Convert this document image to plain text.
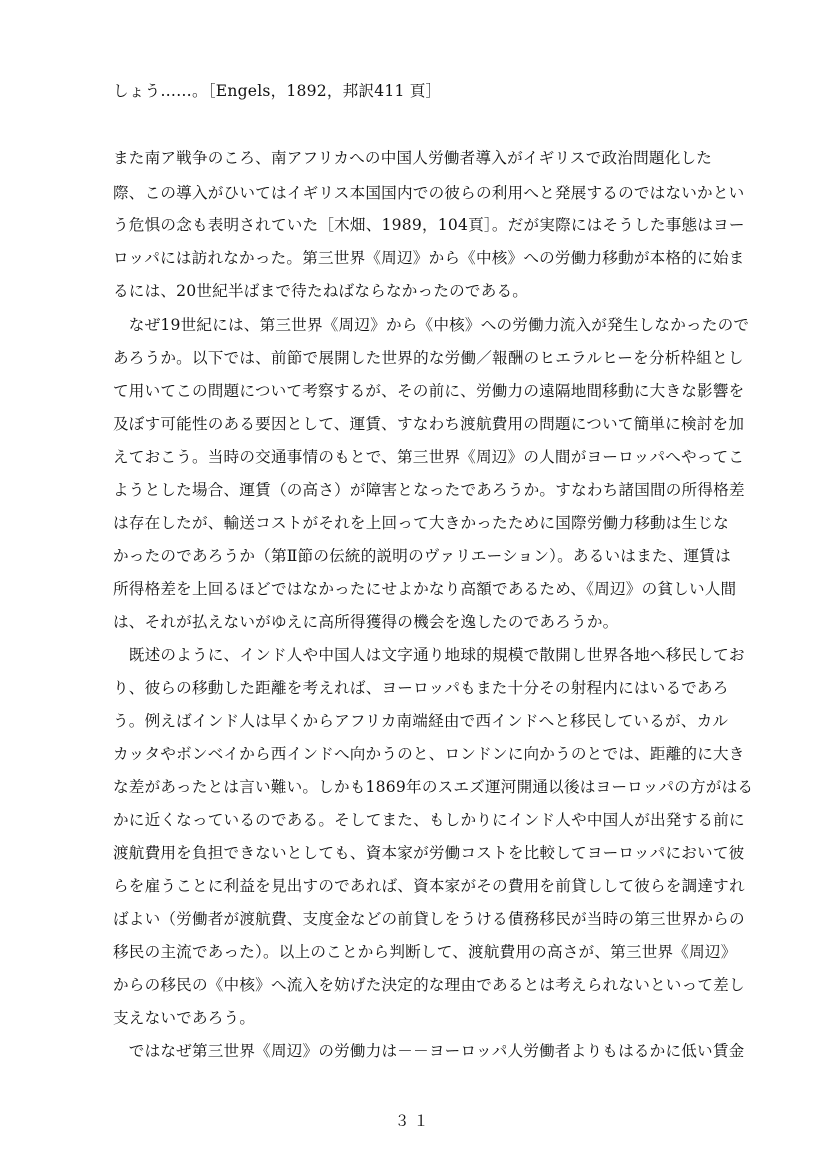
しょう……。［Engels，1892，邦訳411 頁］
また南ア戦争のころ、南アフリカへの中国人労働者導入がイギリスで政治問題化した
際、この導入がひいてはイギリス本国国内での彼らの利用へと発展するのではないかとい
う危惧の念も表明されていた［木畑、1989，104頁］。だが実際にはそうした事態はヨー
ロッパには訪れなかった。第三世界《周辺》から《中核》への労働力移動が本格的に始ま
るには、20世紀半ばまで待たねばならなかったのである。
　なぜ19世紀には、第三世界《周辺》から《中核》への労働力流入が発生しなかったので
あろうか。以下では、前節で展開した世界的な労働／報酬のヒエラルヒーを分析枠組とし
て用いてこの問題について考察するが、その前に、労働力の遠隔地間移動に大きな影響を
及ぼす可能性のある要因として、運賃、すなわち渡航費用の問題について簡単に検討を加
えておこう。当時の交通事情のもとで、第三世界《周辺》の人間がヨーロッパへやってこ
ようとした場合、運賃（の高さ）が障害となったであろうか。すなわち諸国間の所得格差
は存在したが、輸送コストがそれを上回って大きかったために国際労働力移動は生じな
かったのであろうか（第Ⅱ節の伝統的説明のヴァリエーション）。あるいはまた、運賃は
所得格差を上回るほどではなかったにせよかなり高額であるため、《周辺》の貧しい人間
は、それが払えないがゆえに高所得獲得の機会を逸したのであろうか。
　既述のように、インド人や中国人は文字通り地球的規模で散開し世界各地へ移民してお
り、彼らの移動した距離を考えれば、ヨーロッパもまた十分その射程内にはいるであろ
う。例えばインド人は早くからアフリカ南端経由で西インドへと移民しているが、カル
カッタやボンベイから西インドへ向かうのと、ロンドンに向かうのとでは、距離的に大き
な差があったとは言い難い。しかも1869年のスエズ運河開通以後はヨーロッパの方がはる
かに近くなっているのである。そしてまた、もしかりにインド人や中国人が出発する前に
渡航費用を負担できないとしても、資本家が労働コストを比較してヨーロッパにおいて彼
らを雇うことに利益を見出すのであれば、資本家がその費用を前貸しして彼らを調達すれ
ばよい（労働者が渡航費、支度金などの前貸しをうける債務移民が当時の第三世界からの
移民の主流であった）。以上のことから判断して、渡航費用の高さが、第三世界《周辺》
からの移民の《中核》へ流入を妨げた決定的な理由であるとは考えられないといって差し
支えないであろう。
　ではなぜ第三世界《周辺》の労働力は－－ヨーロッパ人労働者よりもはるかに低い賃金
３１
